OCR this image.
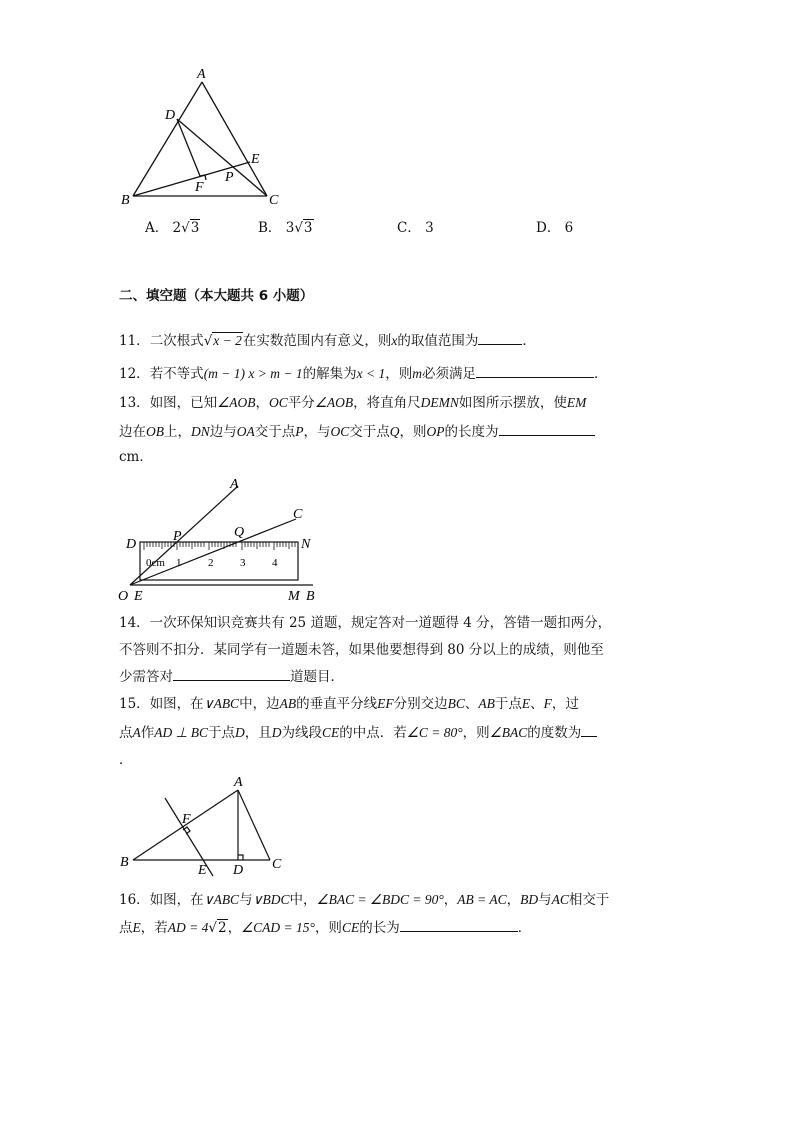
A
D
E
F
P
B	C
A． 2√3	B． 3√3	C． 3	D． 6
二、填空题（本大题共 6 小题）
11．二次根式√x − 2在实数范围内有意义，则x的取值范围为	．
12．若不等式(m − 1) x > m − 1的解集为x < 1，则m必须满足	．
13．如图，已知∠AOB，OC平分∠AOB，将直角尺DEMN如图所示摆放，使EM
边在OB上，DN边与OA交于点P，与OC交于点Q，则OP的长度为
cm．
0cm 1 2 3 4
A
C
P	Q
D	N
O E	M B
14．一次环保知识竞赛共有 25 道题，规定答对一道题得 4 分，答错一题扣两分，
不答则不扣分．某同学有一道题未答，如果他要想得到 80 分以上的成绩，则他至
少需答对	道题目．
15．如图，在∨ABC中，边AB的垂直平分线EF分别交边BC、AB于点E、F，过
点A作AD ⊥ BC于点D，且D为线段CE的中点．若∠C = 80°，则∠BAC的度数为
．
A
F
B
E D C
16．如图，在∨ABC与∨BDC中，∠BAC = ∠BDC = 90°，AB = AC，BD与AC相交于
点E，若AD = 4√2，∠CAD = 15°，则CE的长为	．
